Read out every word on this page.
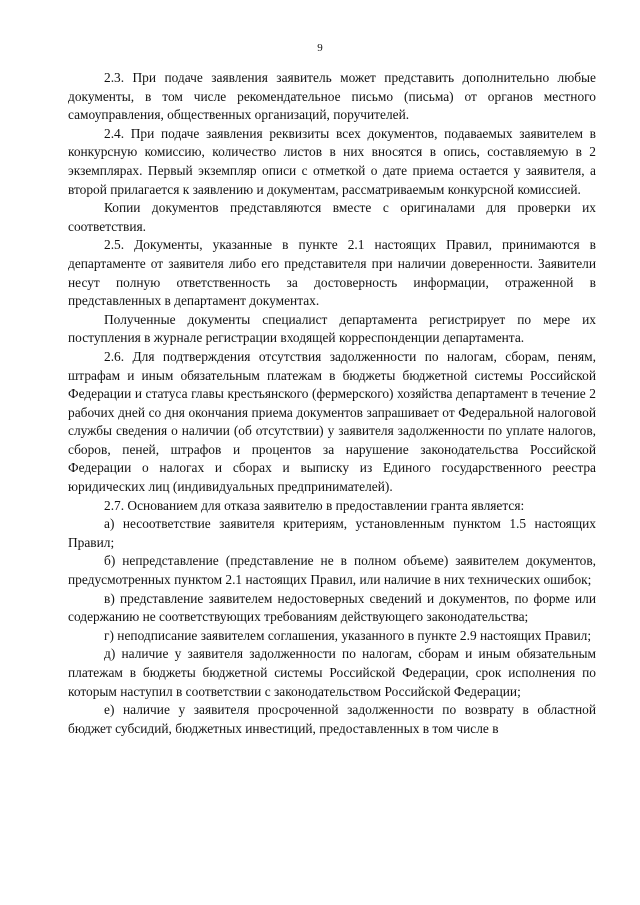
9

2.3. При подаче заявления заявитель может представить дополнительно любые документы, в том числе рекомендательное письмо (письма) от органов местного самоуправления, общественных организаций, поручителей.

2.4. При подаче заявления реквизиты всех документов, подаваемых заявителем в конкурсную комиссию, количество листов в них вносятся в опись, составляемую в 2 экземплярах. Первый экземпляр описи с отметкой о дате приема остается у заявителя, а второй прилагается к заявлению и документам, рассматриваемым конкурсной комиссией.

Копии документов представляются вместе с оригиналами для проверки их соответствия.

2.5. Документы, указанные в пункте 2.1 настоящих Правил, принимаются в департаменте от заявителя либо его представителя при наличии доверенности. Заявители несут полную ответственность за достоверность информации, отраженной в представленных в департамент документах.

Полученные документы специалист департамента регистрирует по мере их поступления в журнале регистрации входящей корреспонденции департамента.

2.6. Для подтверждения отсутствия задолженности по налогам, сборам, пеням, штрафам и иным обязательным платежам в бюджеты бюджетной системы Российской Федерации и статуса главы крестьянского (фермерского) хозяйства департамент в течение 2 рабочих дней со дня окончания приема документов запрашивает от Федеральной налоговой службы сведения о наличии (об отсутствии) у заявителя задолженности по уплате налогов, сборов, пеней, штрафов и процентов за нарушение законодательства Российской Федерации о налогах и сборах и выписку из Единого государственного реестра юридических лиц (индивидуальных предпринимателей).

2.7. Основанием для отказа заявителю в предоставлении гранта является:

а) несоответствие заявителя критериям, установленным пунктом 1.5 настоящих Правил;

б) непредставление (представление не в полном объеме) заявителем документов, предусмотренных пунктом 2.1 настоящих Правил, или наличие в них технических ошибок;

в) представление заявителем недостоверных сведений и документов, по форме или содержанию не соответствующих требованиям действующего законодательства;

г) неподписание заявителем соглашения, указанного в пункте 2.9 настоящих Правил;

д) наличие у заявителя задолженности по налогам, сборам и иным обязательным платежам в бюджеты бюджетной системы Российской Федерации, срок исполнения по которым наступил в соответствии с законодательством Российской Федерации;

е) наличие у заявителя просроченной задолженности по возврату в областной бюджет субсидий, бюджетных инвестиций, предоставленных в том числе в
